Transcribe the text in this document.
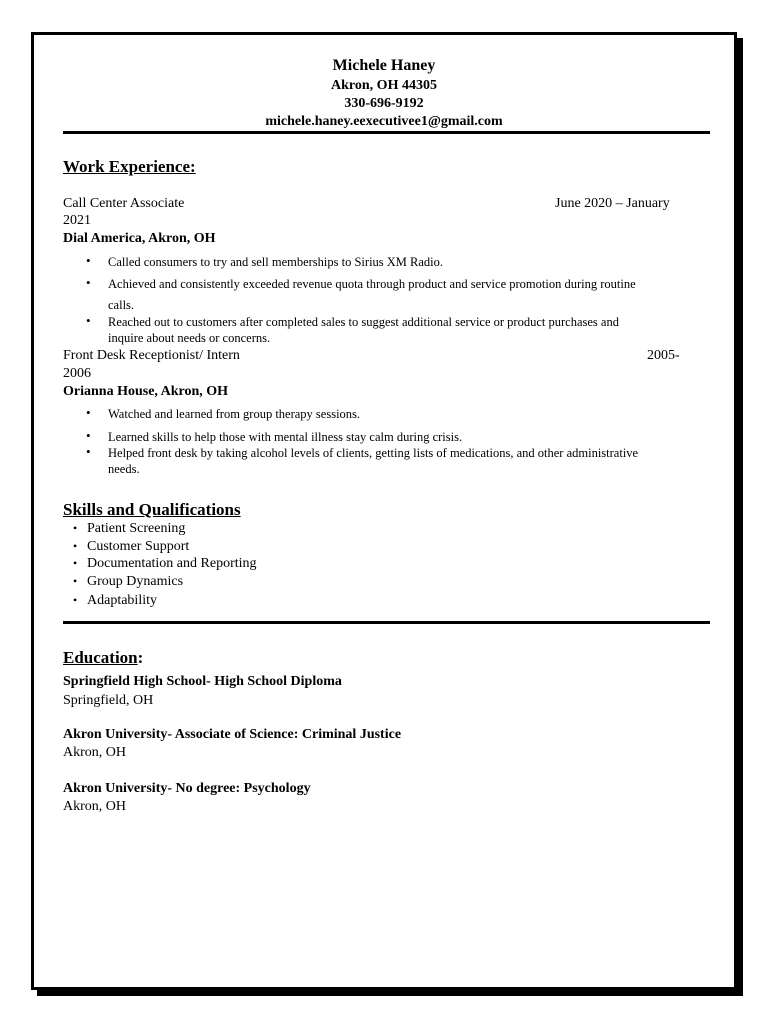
Michele Haney
Akron, OH 44305
330-696-9192
michele.haney.eexecutivee1@gmail.com
Work Experience:
Call Center Associate	June 2020 – January
2021
Dial America, Akron, OH
• Called consumers to try and sell memberships to Sirius XM Radio.
• Achieved and consistently exceeded revenue quota through product and service promotion during routine
calls.
• Reached out to customers after completed sales to suggest additional service or product purchases and
inquire about needs or concerns.
Front Desk Receptionist/ Intern	2005-
2006
Orianna House, Akron, OH
• Watched and learned from group therapy sessions.
• Learned skills to help those with mental illness stay calm during crisis.
• Helped front desk by taking alcohol levels of clients, getting lists of medications, and other administrative
needs.
Skills and Qualifications
• Patient Screening
• Customer Support
• Documentation and Reporting
• Group Dynamics
• Adaptability
Education:
Springfield High School- High School Diploma
Springfield, OH
Akron University- Associate of Science: Criminal Justice
Akron, OH
Akron University- No degree: Psychology
Akron, OH
